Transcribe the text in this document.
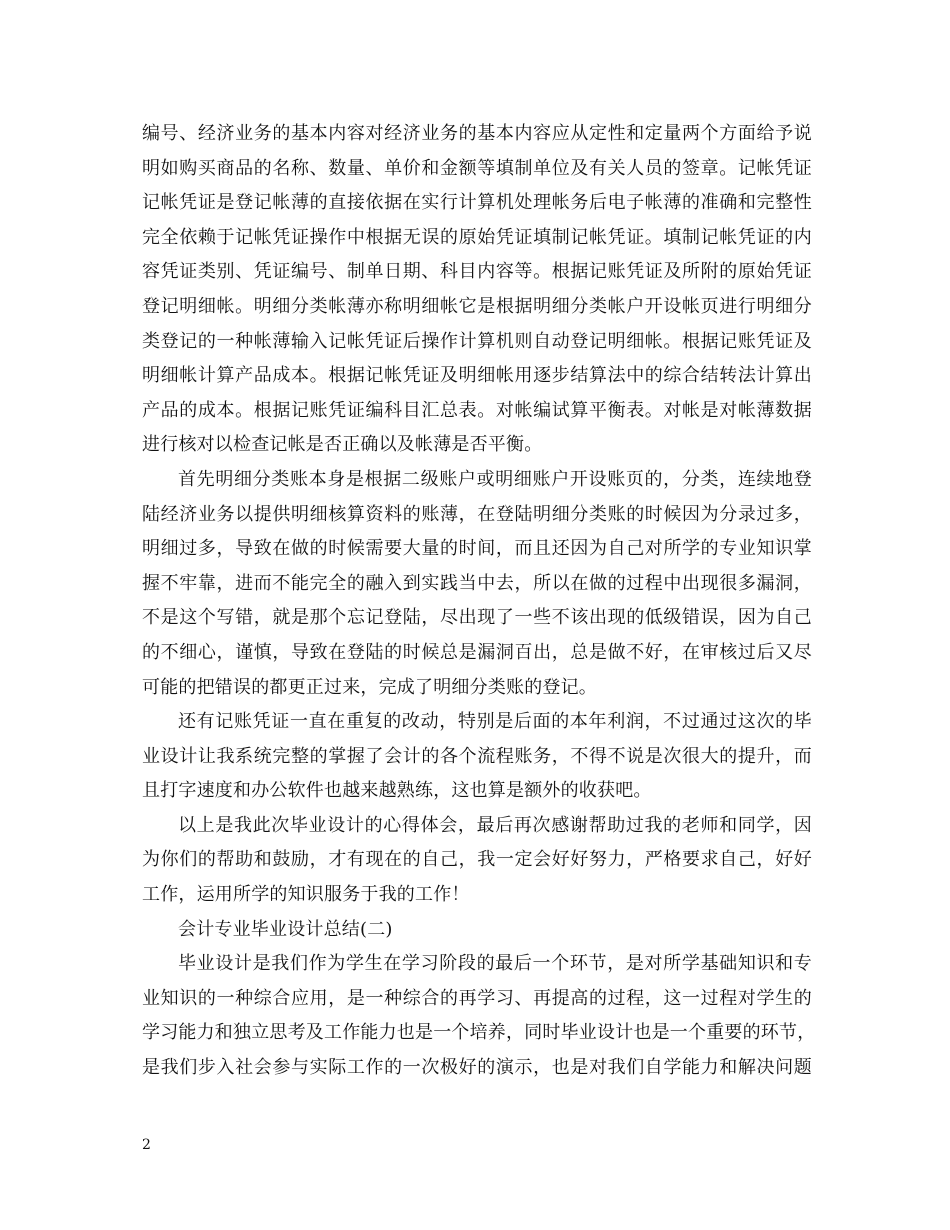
编号、经济业务的基本内容对经济业务的基本内容应从定性和定量两个方面给予说
明如购买商品的名称、数量、单价和金额等填制单位及有关人员的签章。记帐凭证
记帐凭证是登记帐薄的直接依据在实行计算机处理帐务后电子帐薄的准确和完整性
完全依赖于记帐凭证操作中根据无误的原始凭证填制记帐凭证。填制记帐凭证的内
容凭证类别、凭证编号、制单日期、科目内容等。根据记账凭证及所附的原始凭证
登记明细帐。明细分类帐薄亦称明细帐它是根据明细分类帐户开设帐页进行明细分
类登记的一种帐薄输入记帐凭证后操作计算机则自动登记明细帐。根据记账凭证及
明细帐计算产品成本。根据记帐凭证及明细帐用逐步结算法中的综合结转法计算出
产品的成本。根据记账凭证编科目汇总表。对帐编试算平衡表。对帐是对帐薄数据
进行核对以检查记帐是否正确以及帐薄是否平衡。
首先明细分类账本身是根据二级账户或明细账户开设账页的，分类，连续地登
陆经济业务以提供明细核算资料的账薄，在登陆明细分类账的时候因为分录过多，
明细过多，导致在做的时候需要大量的时间，而且还因为自己对所学的专业知识掌
握不牢靠，进而不能完全的融入到实践当中去，所以在做的过程中出现很多漏洞，
不是这个写错，就是那个忘记登陆，尽出现了一些不该出现的低级错误，因为自己
的不细心，谨慎，导致在登陆的时候总是漏洞百出，总是做不好，在审核过后又尽
可能的把错误的都更正过来，完成了明细分类账的登记。
还有记账凭证一直在重复的改动，特别是后面的本年利润，不过通过这次的毕
业设计让我系统完整的掌握了会计的各个流程账务，不得不说是次很大的提升，而
且打字速度和办公软件也越来越熟练，这也算是额外的收获吧。
以上是我此次毕业设计的心得体会，最后再次感谢帮助过我的老师和同学，因
为你们的帮助和鼓励，才有现在的自己，我一定会好好努力，严格要求自己，好好
工作，运用所学的知识服务于我的工作！
会计专业毕业设计总结(二)
毕业设计是我们作为学生在学习阶段的最后一个环节，是对所学基础知识和专
业知识的一种综合应用，是一种综合的再学习、再提高的过程，这一过程对学生的
学习能力和独立思考及工作能力也是一个培养，同时毕业设计也是一个重要的环节，
是我们步入社会参与实际工作的一次极好的演示，也是对我们自学能力和解决问题
2
